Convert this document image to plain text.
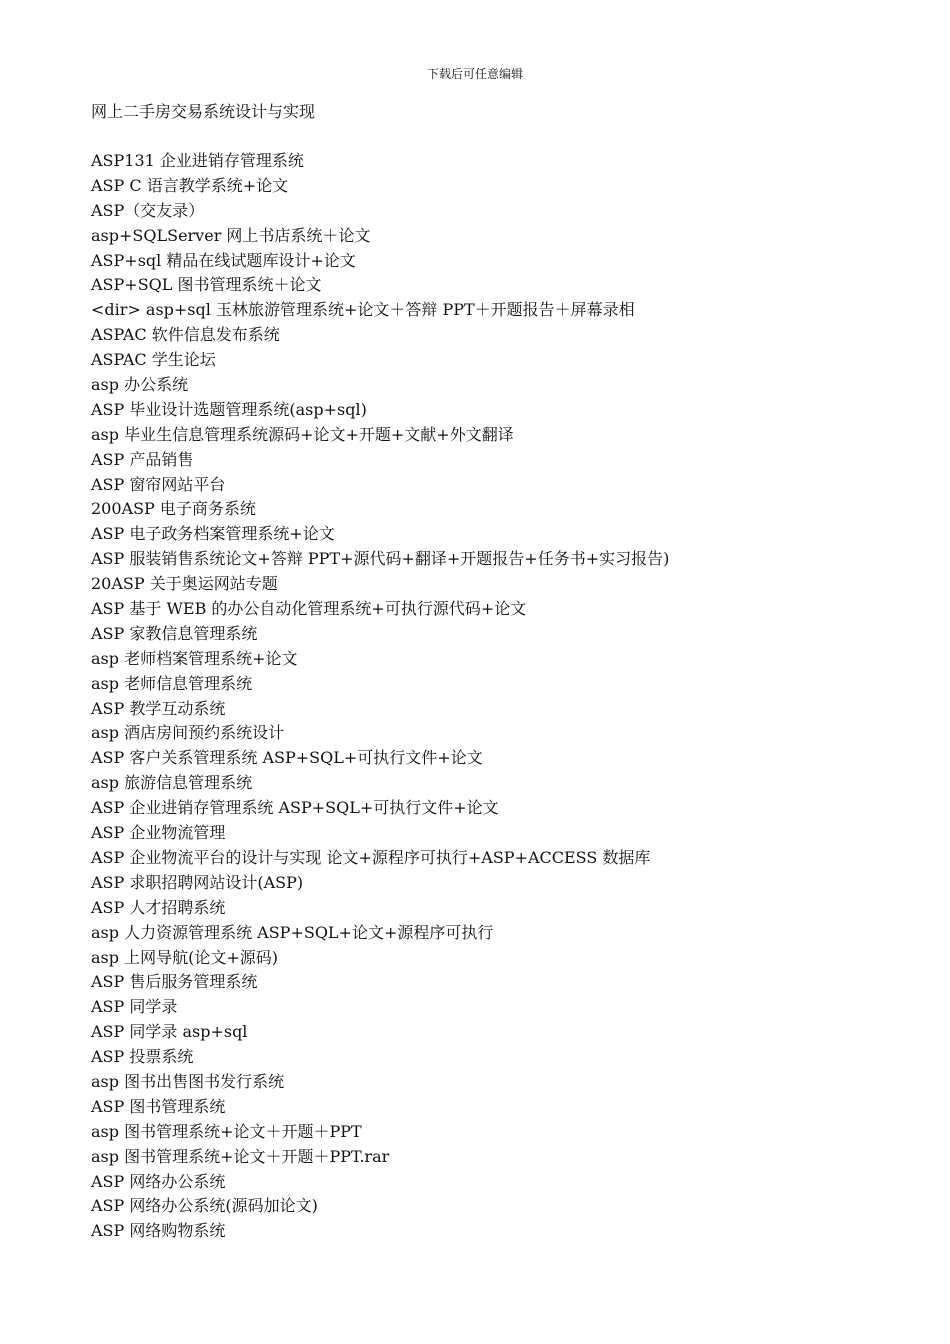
下载后可任意编辑
网上二手房交易系统设计与实现
ASP131 企业进销存管理系统
ASP C 语言教学系统+论文
ASP（交友录）
asp+SQLServer 网上书店系统＋论文
ASP+sql 精品在线试题库设计+论文
ASP+SQL 图书管理系统＋论文
<dir> asp+sql 玉林旅游管理系统+论文＋答辩 PPT＋开题报告＋屏幕录相
ASPAC 软件信息发布系统
ASPAC 学生论坛
asp 办公系统
ASP 毕业设计选题管理系统(asp+sql)
asp 毕业生信息管理系统源码+论文+开题+文献+外文翻译
ASP 产品销售
ASP 窗帘网站平台
200ASP 电子商务系统
ASP 电子政务档案管理系统+论文
ASP 服装销售系统论文+答辩 PPT+源代码+翻译+开题报告+任务书+实习报告)
20ASP 关于奥运网站专题
ASP 基于 WEB 的办公自动化管理系统+可执行源代码+论文
ASP 家教信息管理系统
asp 老师档案管理系统+论文
asp 老师信息管理系统
ASP 教学互动系统
asp 酒店房间预约系统设计
ASP 客户关系管理系统 ASP+SQL+可执行文件+论文
asp 旅游信息管理系统
ASP 企业进销存管理系统 ASP+SQL+可执行文件+论文
ASP 企业物流管理
ASP 企业物流平台的设计与实现 论文+源程序可执行+ASP+ACCESS 数据库
ASP 求职招聘网站设计(ASP)
ASP 人才招聘系统
asp 人力资源管理系统 ASP+SQL+论文+源程序可执行
asp 上网导航(论文+源码)
ASP 售后服务管理系统
ASP 同学录
ASP 同学录 asp+sql
ASP 投票系统
asp 图书出售图书发行系统
ASP 图书管理系统
asp 图书管理系统+论文＋开题＋PPT
asp 图书管理系统+论文＋开题＋PPT.rar
ASP 网络办公系统
ASP 网络办公系统(源码加论文)
ASP 网络购物系统
